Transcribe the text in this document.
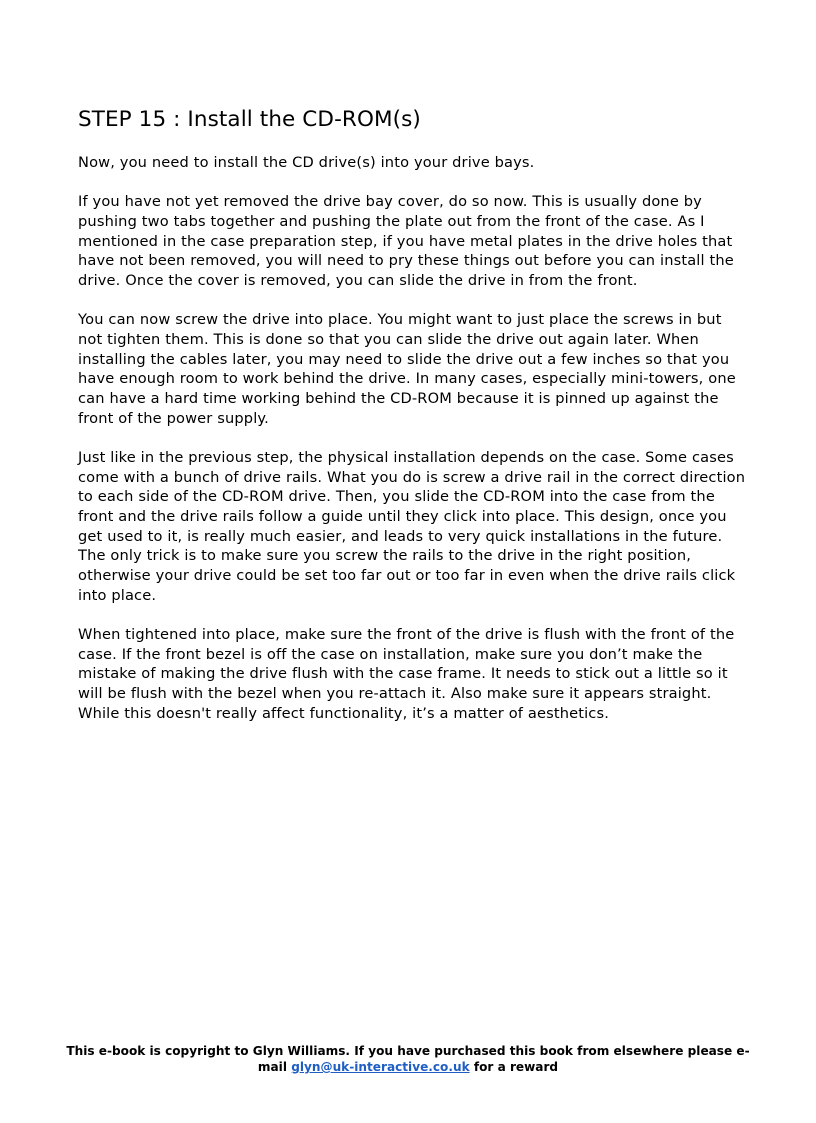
STEP 15 : Install the CD-ROM(s)

Now, you need to install the CD drive(s) into your drive bays.

If you have not yet removed the drive bay cover, do so now. This is usually done by pushing two tabs together and pushing the plate out from the front of the case. As I mentioned in the case preparation step, if you have metal plates in the drive holes that have not been removed, you will need to pry these things out before you can install the drive. Once the cover is removed, you can slide the drive in from the front.

You can now screw the drive into place. You might want to just place the screws in but not tighten them. This is done so that you can slide the drive out again later. When installing the cables later, you may need to slide the drive out a few inches so that you have enough room to work behind the drive. In many cases, especially mini-towers, one can have a hard time working behind the CD-ROM because it is pinned up against the front of the power supply.

Just like in the previous step, the physical installation depends on the case. Some cases come with a bunch of drive rails. What you do is screw a drive rail in the correct direction to each side of the CD-ROM drive. Then, you slide the CD-ROM into the case from the front and the drive rails follow a guide until they click into place. This design, once you get used to it, is really much easier, and leads to very quick installations in the future. The only trick is to make sure you screw the rails to the drive in the right position, otherwise your drive could be set too far out or too far in even when the drive rails click into place.

When tightened into place, make sure the front of the drive is flush with the front of the case. If the front bezel is off the case on installation, make sure you don’t make the mistake of making the drive flush with the case frame. It needs to stick out a little so it will be flush with the bezel when you re-attach it. Also make sure it appears straight. While this doesn't really affect functionality, it’s a matter of aesthetics.

This e-book is copyright to Glyn Williams. If you have purchased this book from elsewhere please e-mail glyn@uk-interactive.co.uk for a reward
